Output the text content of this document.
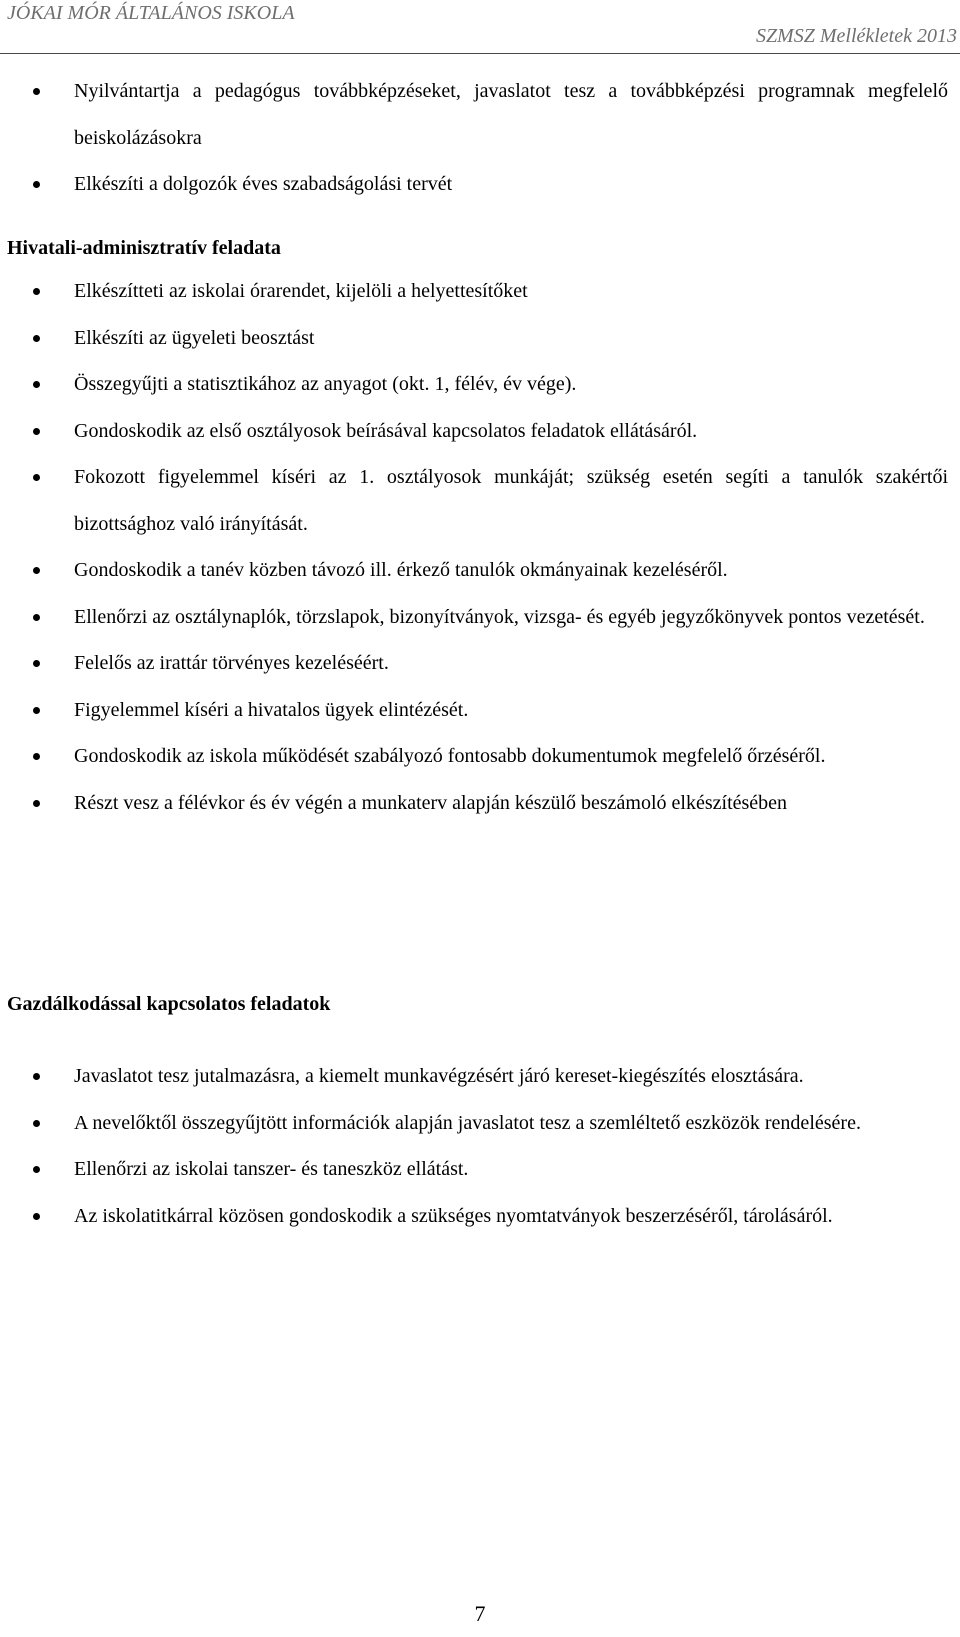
JÓKAI MÓR ÁLTALÁNOS ISKOLA
SZMSZ Mellékletek 2013
Nyilvántartja a pedagógus továbbképzéseket, javaslatot tesz a továbbképzési programnak megfelelő beiskolázásokra
Elkészíti a dolgozók éves szabadságolási tervét
Hivatali-adminisztratív feladata
Elkészítteti az iskolai órarendet, kijelöli a helyettesítőket
Elkészíti az ügyeleti beosztást
Összegyűjti a statisztikához az anyagot (okt. 1, félév, év vége).
Gondoskodik az első osztályosok beírásával kapcsolatos feladatok ellátásáról.
Fokozott figyelemmel kíséri az 1. osztályosok munkáját; szükség esetén segíti a tanulók szakértői bizottsághoz való irányítását.
Gondoskodik a tanév közben távozó ill. érkező tanulók okmányainak kezeléséről.
Ellenőrzi az osztálynaplók, törzslapok, bizonyítványok, vizsga- és egyéb jegyzőkönyvek pontos vezetését.
Felelős az irattár törvényes kezeléséért.
Figyelemmel kíséri a hivatalos ügyek elintézését.
Gondoskodik az iskola működését szabályozó fontosabb dokumentumok megfelelő őrzéséről.
Részt vesz a félévkor és év végén a munkaterv alapján készülő beszámoló elkészítésében
Gazdálkodással kapcsolatos feladatok
Javaslatot tesz jutalmazásra, a kiemelt munkavégzésért járó kereset-kiegészítés elosztására.
A nevelőktől összegyűjtött információk alapján javaslatot tesz a szemléltető eszközök rendelésére.
Ellenőrzi az iskolai tanszer- és taneszköz ellátást.
Az iskolatitkárral közösen gondoskodik a szükséges nyomtatványok beszerzéséről, tárolásáról.
7
